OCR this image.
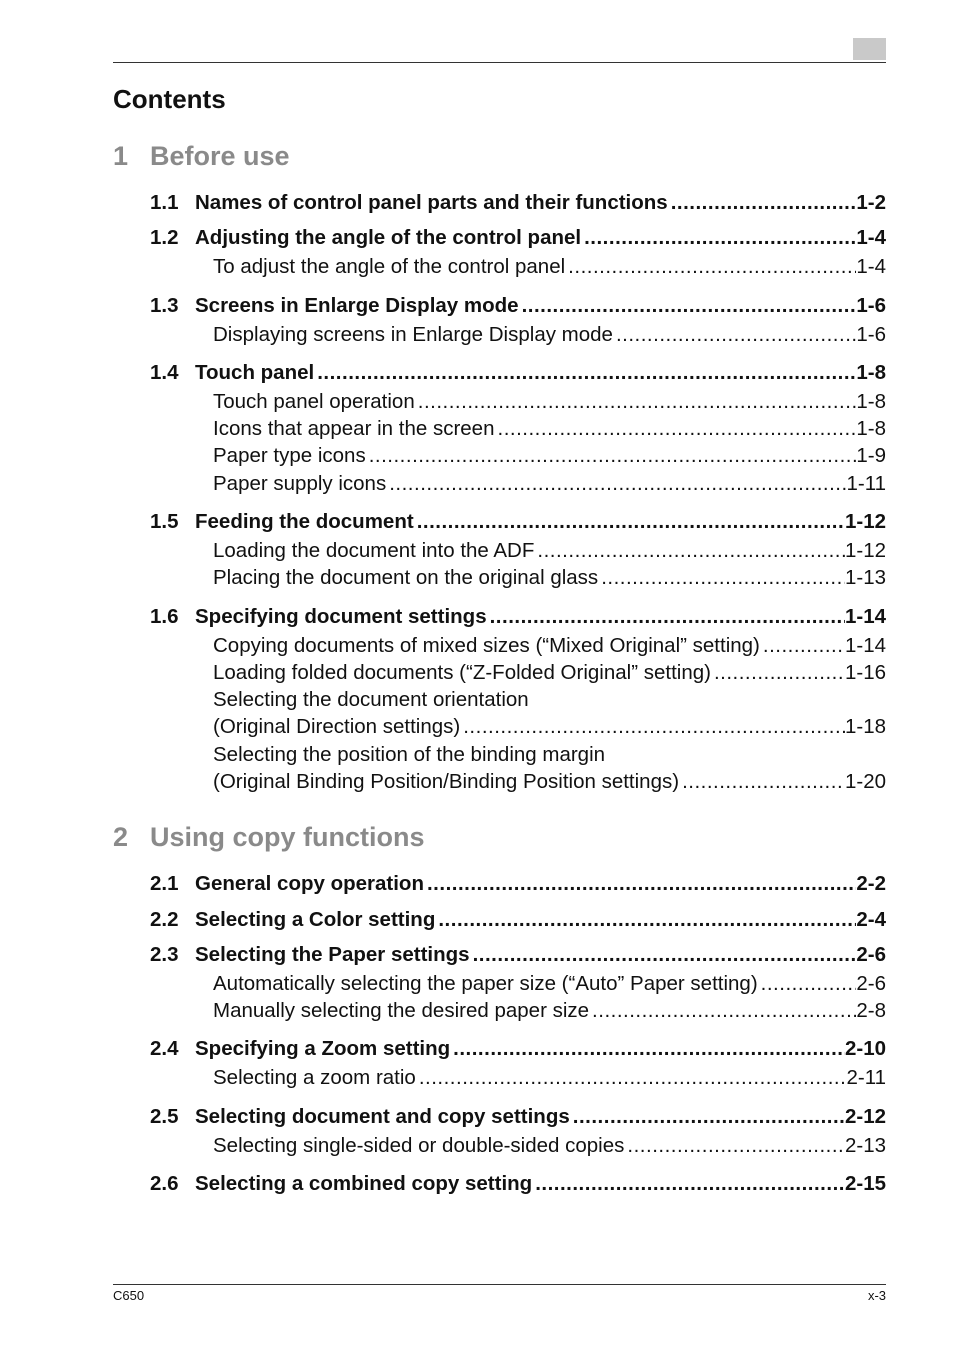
Contents
1 Before use
1.1 Names of control panel parts and their functions .....	1-2
1.2 Adjusting the angle of the control panel .....	1-4
To adjust the angle of the control panel .....	1-4
1.3 Screens in Enlarge Display mode .....	1-6
Displaying screens in Enlarge Display mode .....	1-6
1.4 Touch panel .....	1-8
Touch panel operation .....	1-8
Icons that appear in the screen .....	1-8
Paper type icons .....	1-9
Paper supply icons .....	1-11
1.5 Feeding the document .....	1-12
Loading the document into the ADF .....	1-12
Placing the document on the original glass .....	1-13
1.6 Specifying document settings .....	1-14
Copying documents of mixed sizes (“Mixed Original” setting) .....	1-14
Loading folded documents (“Z-Folded Original” setting) .....	1-16
Selecting the document orientation
(Original Direction settings) .....	1-18
Selecting the position of the binding margin
(Original Binding Position/Binding Position settings) .....	1-20
2 Using copy functions
2.1 General copy operation .....	2-2
2.2 Selecting a Color setting .....	2-4
2.3 Selecting the Paper settings .....	2-6
Automatically selecting the paper size (“Auto” Paper setting) .....	2-6
Manually selecting the desired paper size .....	2-8
2.4 Specifying a Zoom setting .....	2-10
Selecting a zoom ratio .....	2-11
2.5 Selecting document and copy settings .....	2-12
Selecting single-sided or double-sided copies .....	2-13
2.6 Selecting a combined copy setting .....	2-15
C650	x-3
